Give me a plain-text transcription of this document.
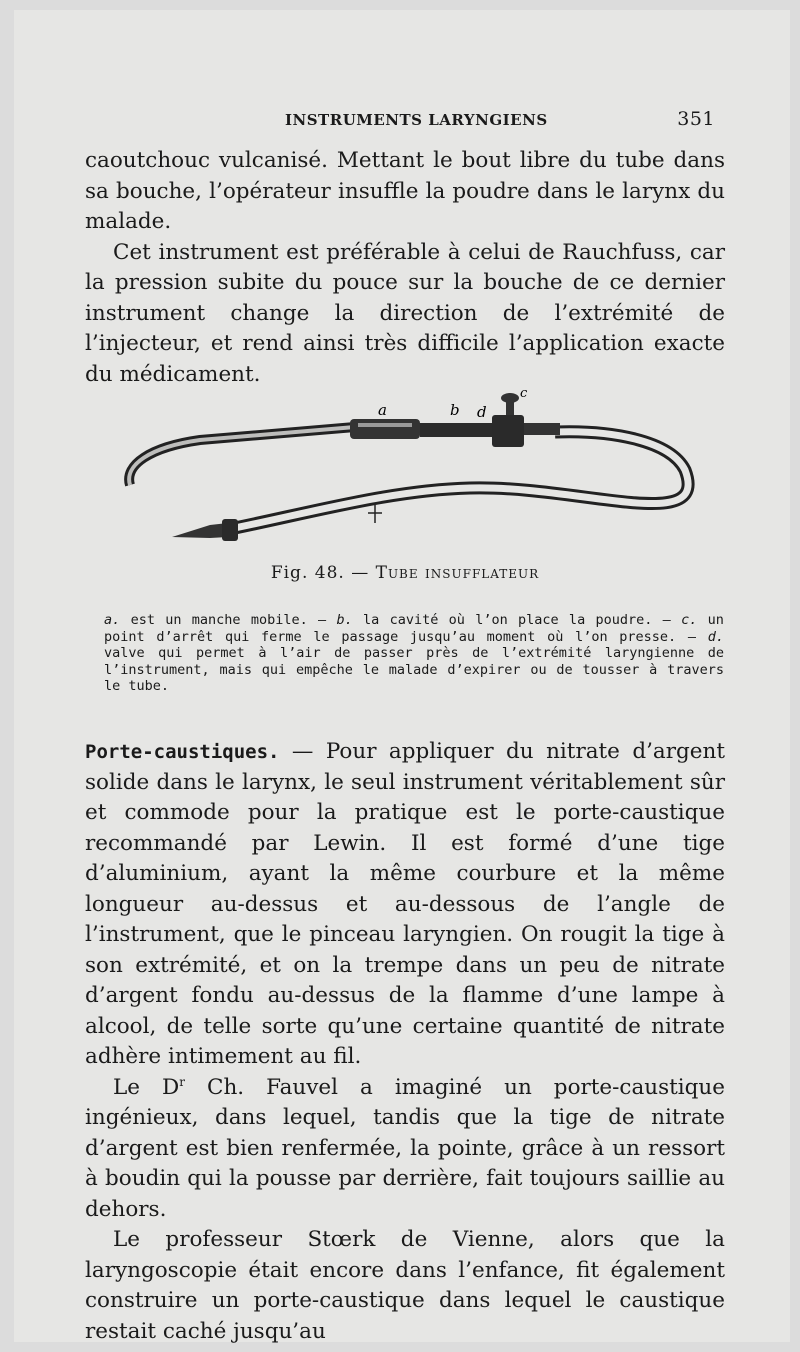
INSTRUMENTS LARYNGIENS	351

caoutchouc vulcanisé. Mettant le bout libre du tube dans sa bouche, l’opérateur insuffle la poudre dans le larynx du malade.

Cet instrument est préférable à celui de Rauchfuss, car la pression subite du pouce sur la bouche de ce dernier instrument change la direction de l’extrémité de l’injecteur, et rend ainsi très difficile l’application exacte du médicament.

a	b
c
d
Fig. 48. — Tube insufflateur

a. est un manche mobile. — b. la cavité où l’on place la poudre. — c. un point d’arrêt qui ferme le passage jusqu’au moment où l’on presse. — d. valve qui permet à l’air de passer près de l’extrémité laryngienne de l’instrument, mais qui empêche le malade d’expirer ou de tousser à travers le tube.

Porte-caustiques. — Pour appliquer du nitrate d’argent solide dans le larynx, le seul instrument véritablement sûr et commode pour la pratique est le porte-caustique recommandé par Lewin. Il est formé d’une tige d’aluminium, ayant la même courbure et la même longueur au-dessus et au-dessous de l’angle de l’instrument, que le pinceau laryngien. On rougit la tige à son extrémité, et on la trempe dans un peu de nitrate d’argent fondu au-dessus de la flamme d’une lampe à alcool, de telle sorte qu’une certaine quantité de nitrate adhère intimement au fil.

Le $D^r$ Ch. Fauvel a imaginé un porte-caustique ingénieux, dans lequel, tandis que la tige de nitrate d’argent est bien renfermée, la pointe, grâce à un ressort à boudin qui la pousse par derrière, fait toujours saillie au dehors.

Le professeur Stœrk de Vienne, alors que la laryngoscopie était encore dans l’enfance, fit également construire un porte-caustique dans lequel le caustique restait caché jusqu’au
